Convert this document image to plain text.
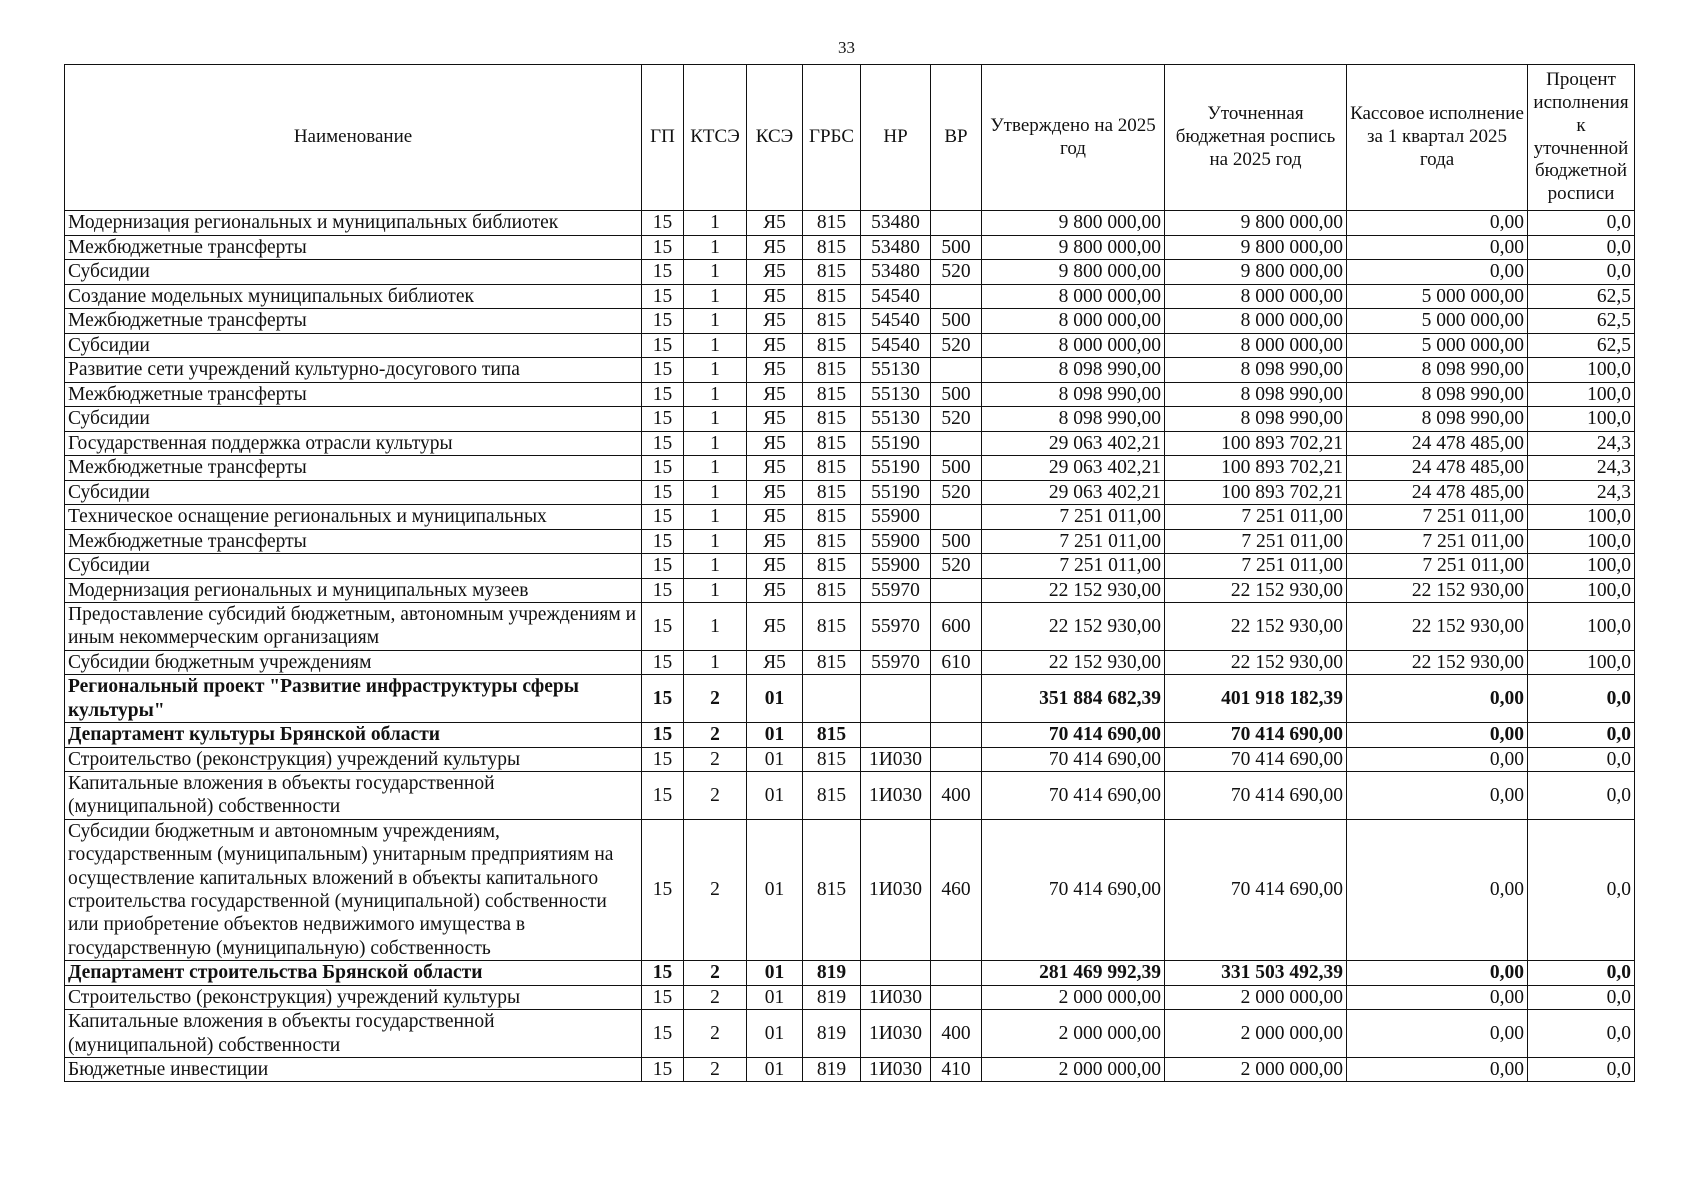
33
Наименование	ГП	КТСЭ	КСЭ	ГРБС	НР	ВР	Утверждено на 2025 год	Уточненная бюджетная роспись на 2025 год	Кассовое исполнение за 1 квартал 2025 года	Процент исполнения к уточненной бюджетной росписи
Модернизация региональных и муниципальных библиотек	15	1	Я5	815	53480		9 800 000,00	9 800 000,00	0,00	0,0
Межбюджетные трансферты	15	1	Я5	815	53480	500	9 800 000,00	9 800 000,00	0,00	0,0
Субсидии	15	1	Я5	815	53480	520	9 800 000,00	9 800 000,00	0,00	0,0
Создание модельных муниципальных библиотек	15	1	Я5	815	54540		8 000 000,00	8 000 000,00	5 000 000,00	62,5
Межбюджетные трансферты	15	1	Я5	815	54540	500	8 000 000,00	8 000 000,00	5 000 000,00	62,5
Субсидии	15	1	Я5	815	54540	520	8 000 000,00	8 000 000,00	5 000 000,00	62,5
Развитие сети учреждений культурно-досугового типа	15	1	Я5	815	55130		8 098 990,00	8 098 990,00	8 098 990,00	100,0
Межбюджетные трансферты	15	1	Я5	815	55130	500	8 098 990,00	8 098 990,00	8 098 990,00	100,0
Субсидии	15	1	Я5	815	55130	520	8 098 990,00	8 098 990,00	8 098 990,00	100,0
Государственная поддержка отрасли культуры	15	1	Я5	815	55190		29 063 402,21	100 893 702,21	24 478 485,00	24,3
Межбюджетные трансферты	15	1	Я5	815	55190	500	29 063 402,21	100 893 702,21	24 478 485,00	24,3
Субсидии	15	1	Я5	815	55190	520	29 063 402,21	100 893 702,21	24 478 485,00	24,3
Техническое оснащение региональных и муниципальных	15	1	Я5	815	55900		7 251 011,00	7 251 011,00	7 251 011,00	100,0
Межбюджетные трансферты	15	1	Я5	815	55900	500	7 251 011,00	7 251 011,00	7 251 011,00	100,0
Субсидии	15	1	Я5	815	55900	520	7 251 011,00	7 251 011,00	7 251 011,00	100,0
Модернизация региональных и муниципальных музеев	15	1	Я5	815	55970		22 152 930,00	22 152 930,00	22 152 930,00	100,0
Предоставление субсидий бюджетным, автономным учреждениям и иным некоммерческим организациям	15	1	Я5	815	55970	600	22 152 930,00	22 152 930,00	22 152 930,00	100,0
Субсидии бюджетным учреждениям	15	1	Я5	815	55970	610	22 152 930,00	22 152 930,00	22 152 930,00	100,0
Региональный проект "Развитие инфраструктуры сферы культуры"	15	2	01				351 884 682,39	401 918 182,39	0,00	0,0
Департамент культуры Брянской области	15	2	01	815			70 414 690,00	70 414 690,00	0,00	0,0
Строительство (реконструкция) учреждений культуры	15	2	01	815	1И030		70 414 690,00	70 414 690,00	0,00	0,0
Капитальные вложения в объекты государственной (муниципальной) собственности	15	2	01	815	1И030	400	70 414 690,00	70 414 690,00	0,00	0,0
Субсидии бюджетным и автономным учреждениям, государственным (муниципальным) унитарным предприятиям на осуществление капитальных вложений в объекты капитального строительства государственной (муниципальной) собственности или приобретение объектов недвижимого имущества в государственную (муниципальную) собственность	15	2	01	815	1И030	460	70 414 690,00	70 414 690,00	0,00	0,0
Департамент строительства Брянской области	15	2	01	819			281 469 992,39	331 503 492,39	0,00	0,0
Строительство (реконструкция) учреждений культуры	15	2	01	819	1И030		2 000 000,00	2 000 000,00	0,00	0,0
Капитальные вложения в объекты государственной (муниципальной) собственности	15	2	01	819	1И030	400	2 000 000,00	2 000 000,00	0,00	0,0
Бюджетные инвестиции	15	2	01	819	1И030	410	2 000 000,00	2 000 000,00	0,00	0,0
